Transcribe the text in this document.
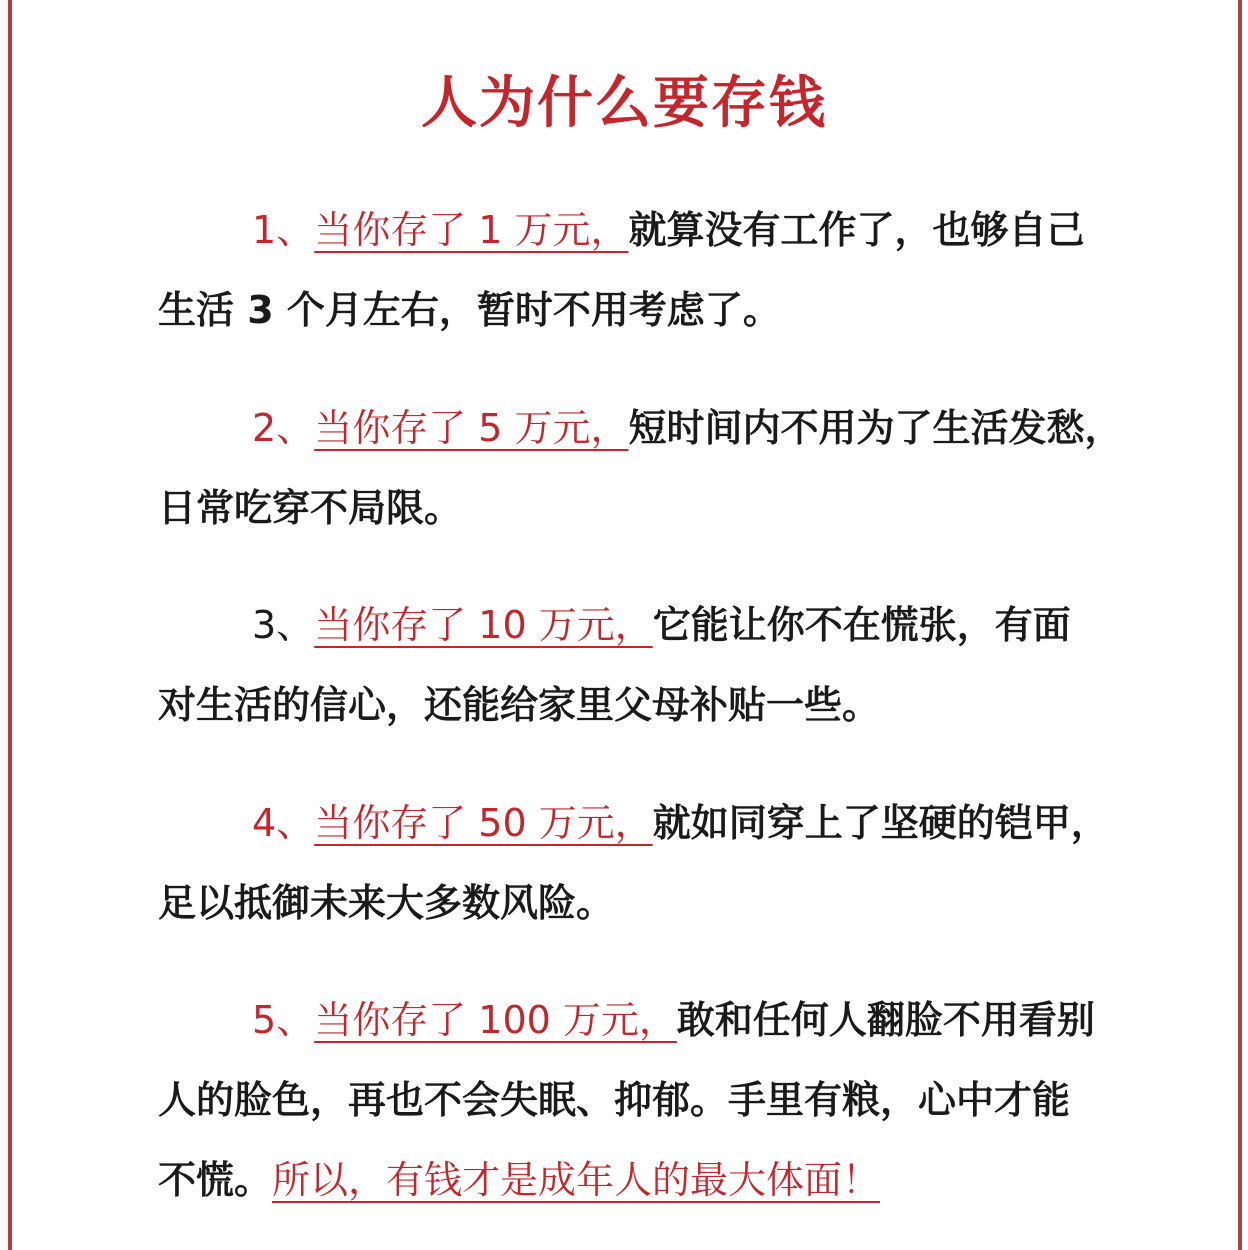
人为什么要存钱
1、当你存了 1 万元，就算没有工作了，也够自己
生活 3 个月左右，暂时不用考虑了。
2、当你存了 5 万元，短时间内不用为了生活发愁，
日常吃穿不局限。
3、当你存了 10 万元，它能让你不在慌张，有面
对生活的信心，还能给家里父母补贴一些。
4、当你存了 50 万元，就如同穿上了坚硬的铠甲，
足以抵御未来大多数风险。
5、当你存了 100 万元，敢和任何人翻脸不用看别
人的脸色，再也不会失眠、抑郁。手里有粮，心中才能
不慌。所以，有钱才是成年人的最大体面！
